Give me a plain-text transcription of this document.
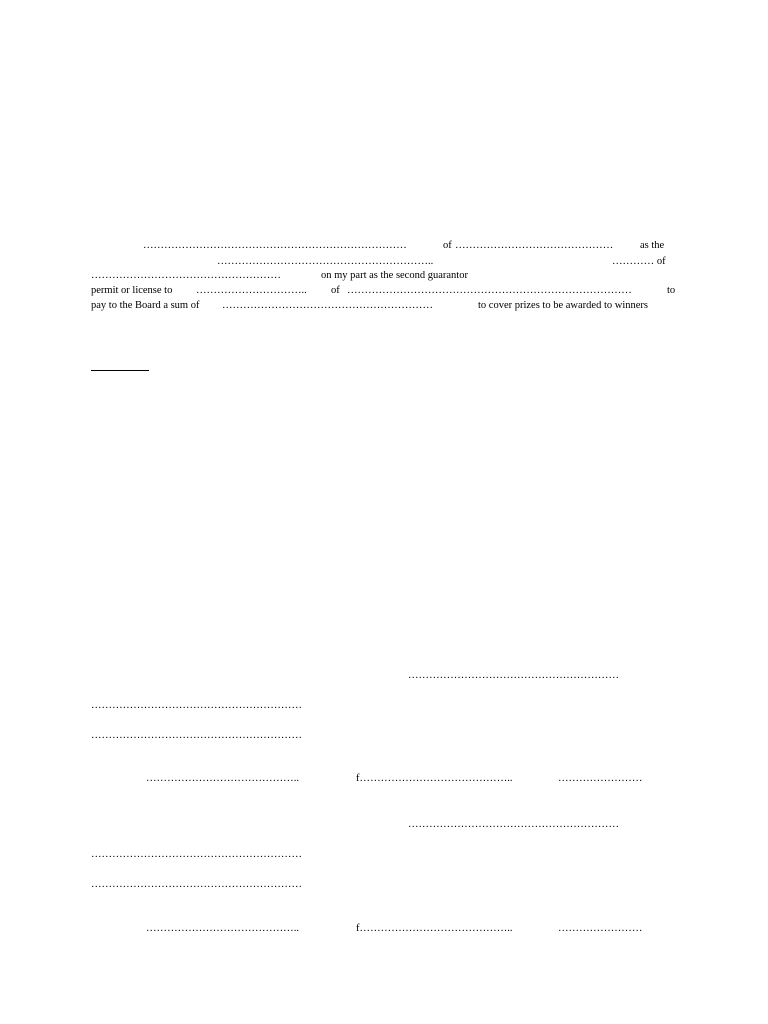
…………………………………………………………………	of ………………………………………	as the
……………………………………………………..	………… of
………………………………………………	on my part as the second guarantor
permit or license to ………………………….. of ………………………………………………………………………	to
pay to the Board a sum of ……………………………………………………	to cover prizes to be awarded to winners
……………………………………………………
……………………………………………………
……………………………………………………
……………………………………..	f……………………………………..	……………………
……………………………………………………
……………………………………………………
……………………………………………………
……………………………………..	f……………………………………..	……………………
